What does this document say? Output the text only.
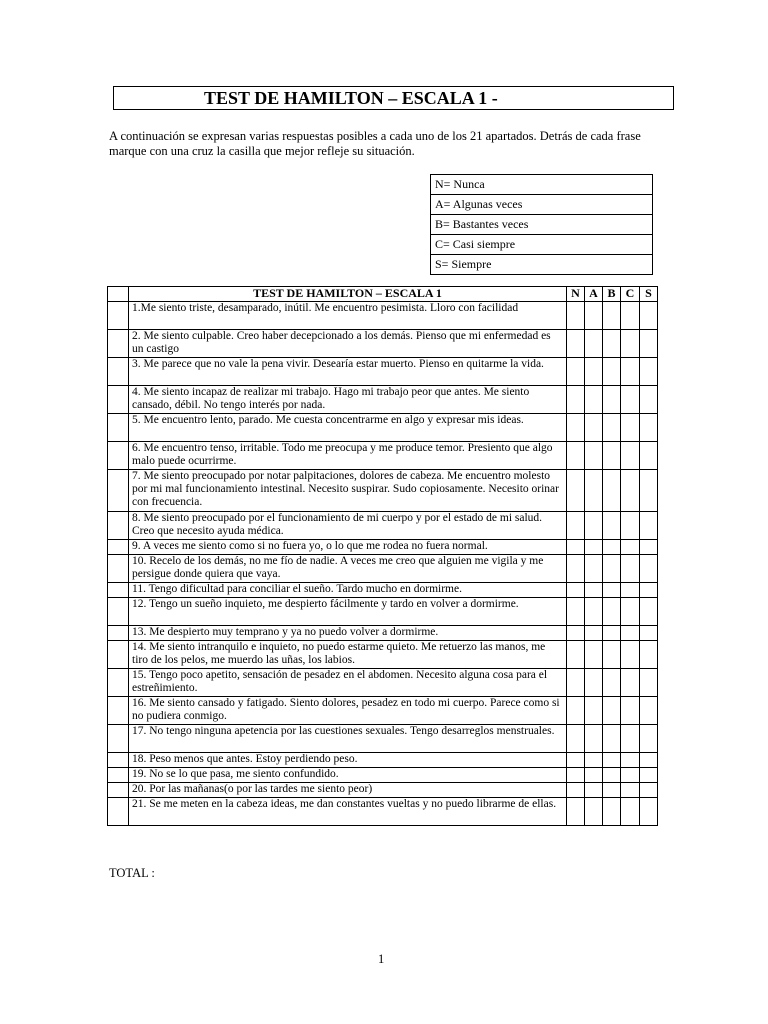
TEST DE HAMILTON – ESCALA 1 -
A continuación se expresan varias respuestas posibles a cada uno de los 21 apartados. Detrás de cada frase marque con una cruz la casilla que mejor refleje su situación.
N= Nunca
A= Algunas veces
B= Bastantes veces
C= Casi siempre
S= Siempre
	TEST DE HAMILTON – ESCALA 1	N	A	B	C	S
	1.Me siento triste, desamparado, inútil. Me encuentro pesimista. Lloro con facilidad					
	2. Me siento culpable. Creo haber decepcionado a los demás. Pienso que mi enfermedad es un castigo					
	3. Me parece que no vale la pena vivir. Desearía estar muerto. Pienso en quitarme la vida.					
	4. Me siento incapaz de realizar mi trabajo. Hago mi trabajo peor que antes. Me siento cansado, débil. No tengo interés por nada.					
	5. Me encuentro lento, parado. Me cuesta concentrarme en algo y expresar mis ideas.					
	6. Me encuentro tenso, irritable. Todo me preocupa y me produce temor. Presiento que algo malo puede ocurrirme.					
	7. Me siento preocupado por notar palpitaciones, dolores de cabeza. Me encuentro molesto por mi mal funcionamiento intestinal. Necesito suspirar. Sudo copiosamente. Necesito orinar con frecuencia.					
	8. Me siento preocupado por el funcionamiento de mi cuerpo y por el estado de mi salud. Creo que necesito ayuda médica.					
	9. A veces me siento como si no fuera yo, o lo que me rodea no fuera normal.					
	10. Recelo de los demás, no me fío de nadie. A veces me creo que alguien me vigila y me persigue donde quiera que vaya.					
	11. Tengo dificultad para conciliar el sueño. Tardo mucho en dormirme.					
	12. Tengo un sueño inquieto, me despierto fácilmente y tardo en volver a dormirme.					
	13. Me despierto muy temprano y ya no puedo volver a dormirme.					
	14. Me siento intranquilo e inquieto, no puedo estarme quieto. Me retuerzo las manos, me tiro de los pelos, me muerdo las uñas, los labios.					
	15. Tengo poco apetito, sensación de pesadez en el abdomen. Necesito alguna cosa para el estreñimiento.					
	16. Me siento cansado y fatigado. Siento dolores, pesadez en todo mi cuerpo. Parece como si no pudiera conmigo.					
	17. No tengo ninguna apetencia por las cuestiones sexuales. Tengo desarreglos menstruales.					
	18. Peso menos que antes. Estoy perdiendo peso.					
	19. No se lo que pasa, me siento confundido.					
	20. Por las mañanas(o por las tardes me siento peor)					
	21. Se me meten en la cabeza ideas, me dan constantes vueltas y no puedo librarme de ellas.					
TOTAL :
1
